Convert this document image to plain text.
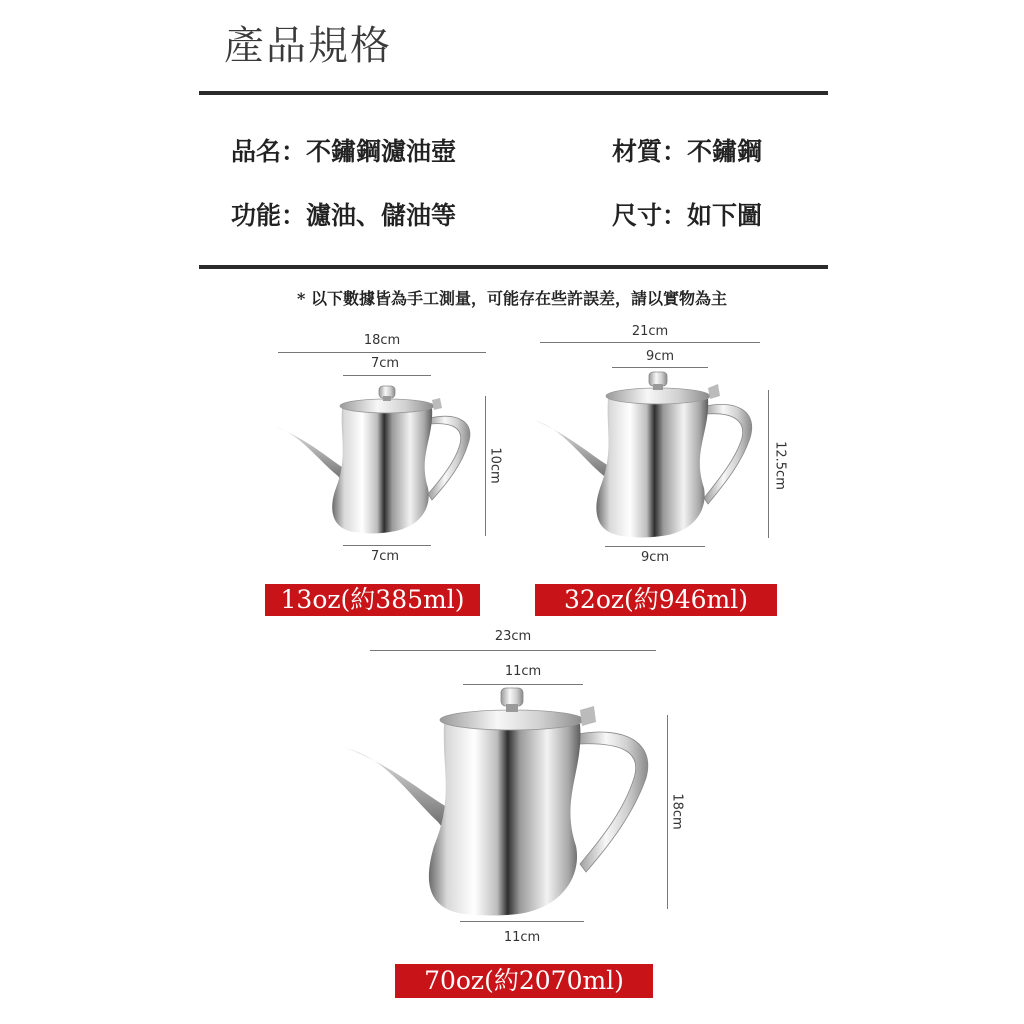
產品規格
品名：不鏽鋼濾油壺	材質：不鏽鋼
功能：濾油、儲油等	尺寸：如下圖
* 以下數據皆為手工測量，可能存在些許誤差，請以實物為主
18cm
7cm
7cm
10cm
13oz(約385ml)
21cm
9cm
9cm
12.5cm
32oz(約946ml)
23cm
11cm
11cm
18cm
70oz(約2070ml)
